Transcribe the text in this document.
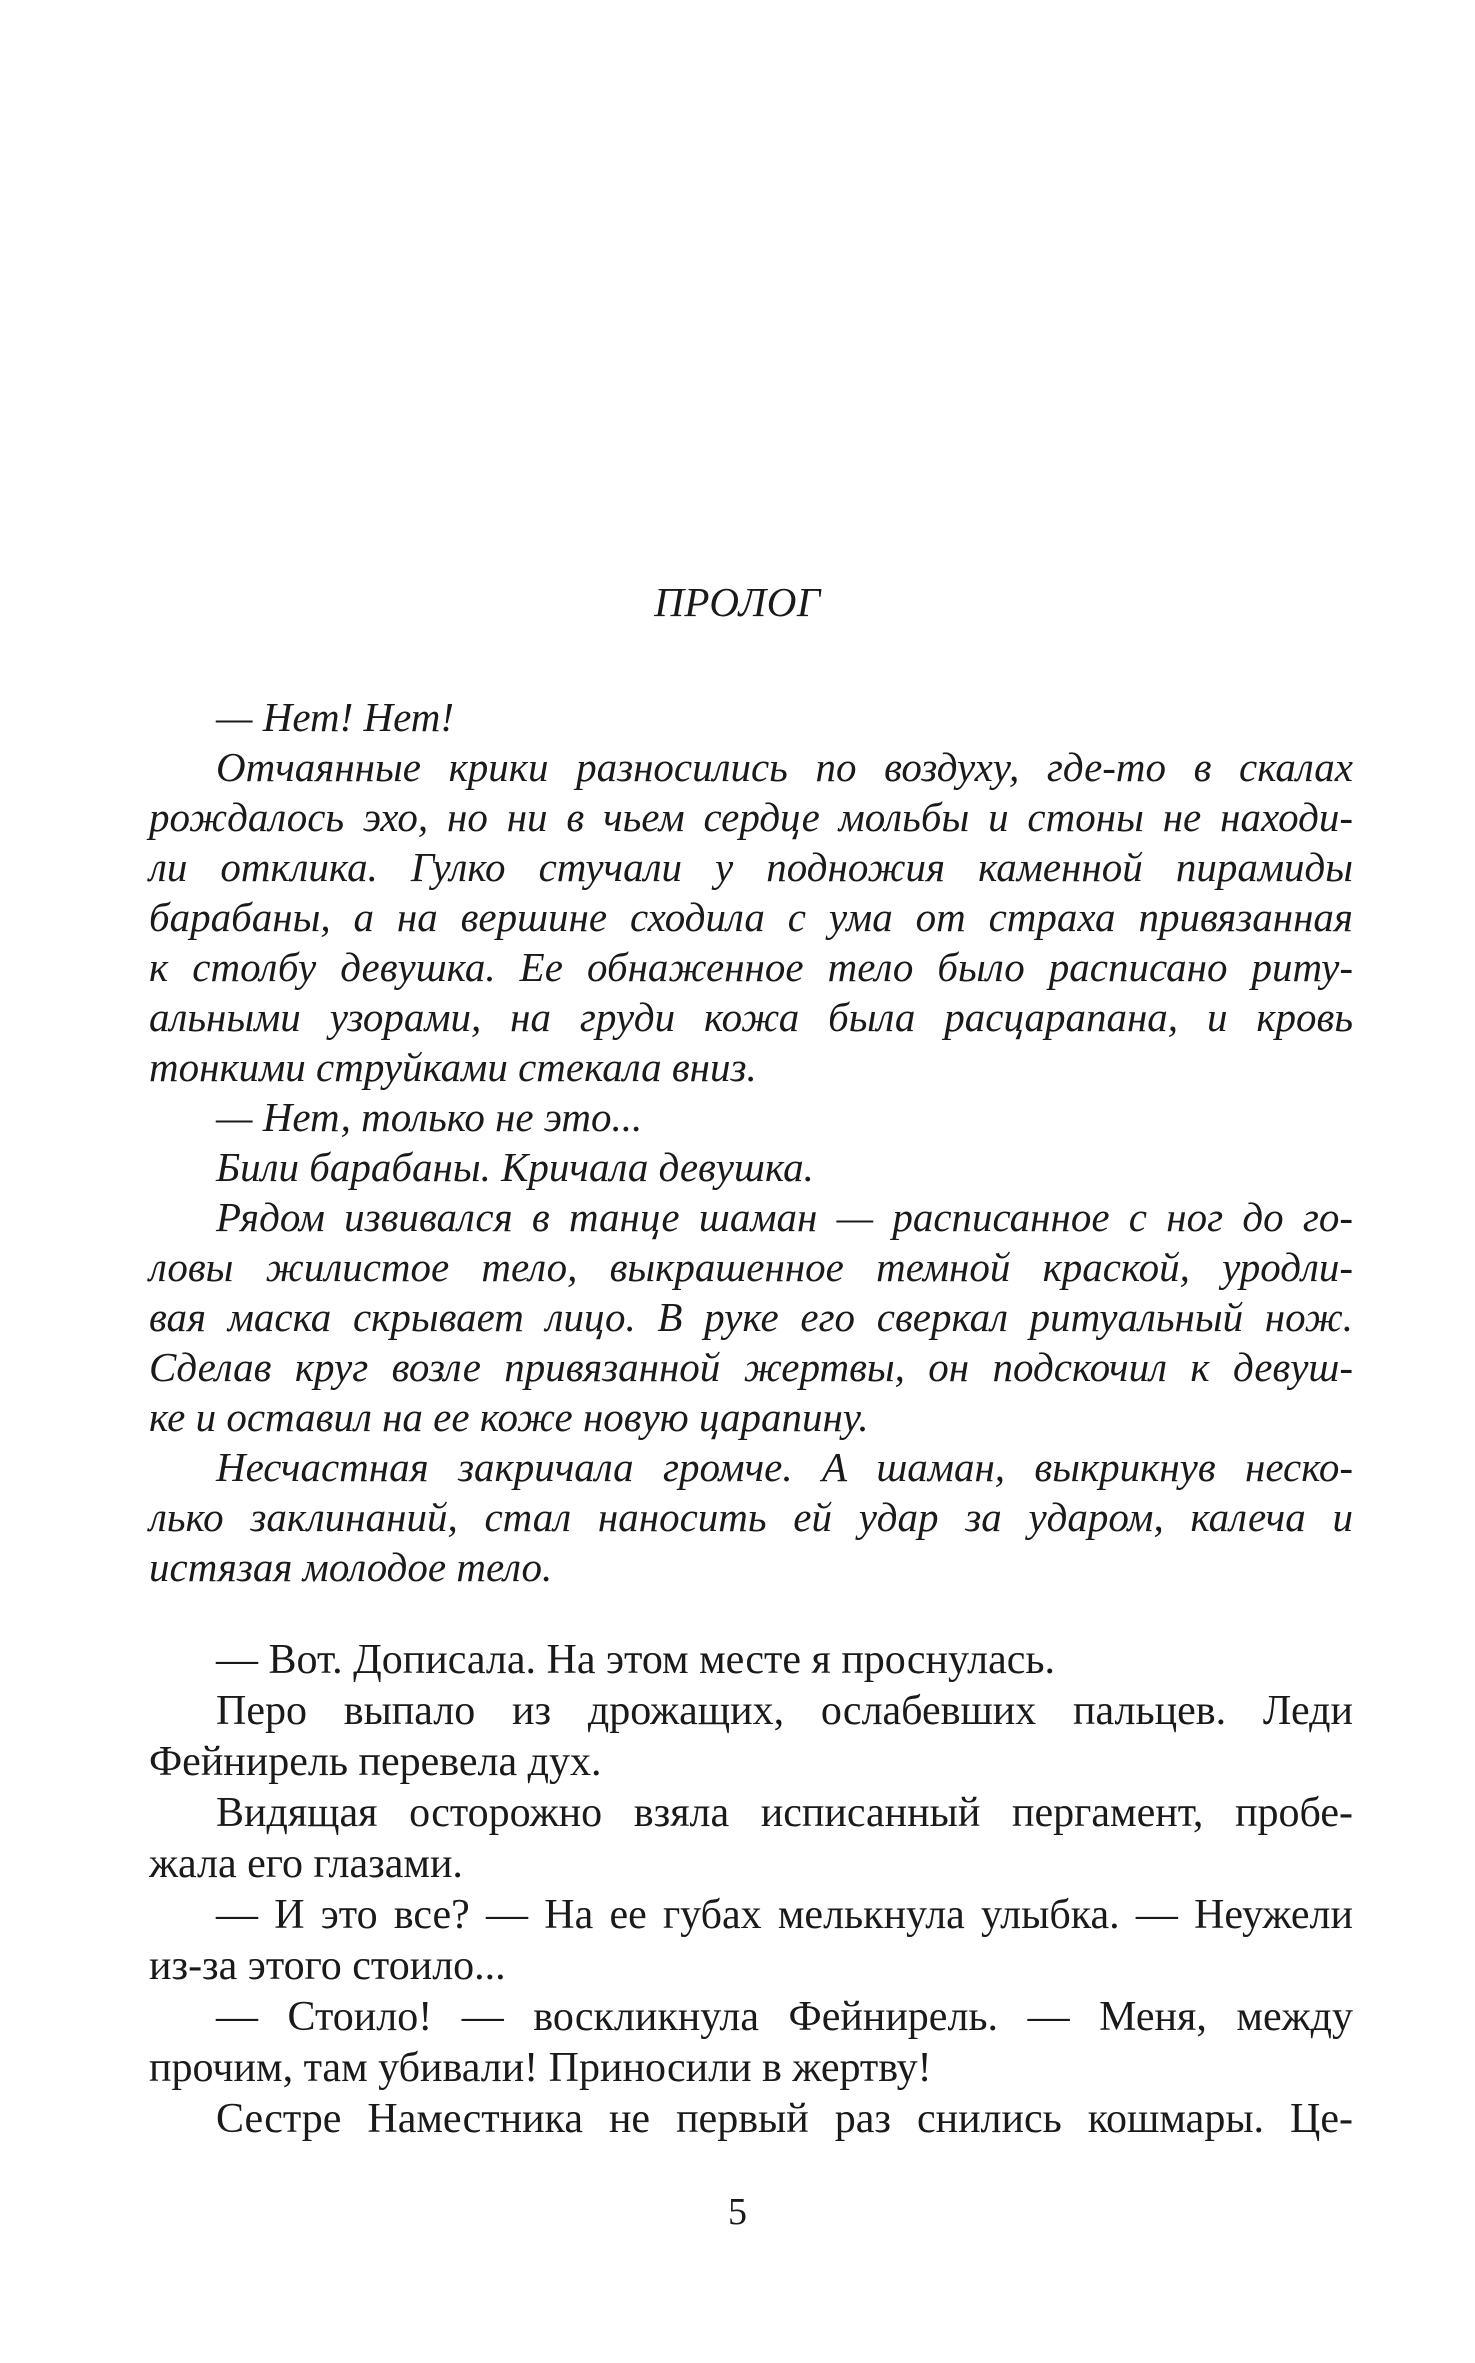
ПРОЛОГ
— Нет! Нет!
Отчаянные крики разносились по воздуху, где-то в скалах
рождалось эхо, но ни в чьем сердце мольбы и стоны не находи-
ли отклика. Гулко стучали у подножия каменной пирамиды
барабаны, а на вершине сходила с ума от страха привязанная
к столбу девушка. Ее обнаженное тело было расписано риту-
альными узорами, на груди кожа была расцарапана, и кровь
тонкими струйками стекала вниз.
— Нет, только не это...
Били барабаны. Кричала девушка.
Рядом извивался в танце шаман — расписанное с ног до го-
ловы жилистое тело, выкрашенное темной краской, уродли-
вая маска скрывает лицо. В руке его сверкал ритуальный нож.
Сделав круг возле привязанной жертвы, он подскочил к девуш-
ке и оставил на ее коже новую царапину.
Несчастная закричала громче. А шаман, выкрикнув неско-
лько заклинаний, стал наносить ей удар за ударом, калеча и
истязая молодое тело.
— Вот. Дописала. На этом месте я проснулась.
Перо выпало из дрожащих, ослабевших пальцев. Леди
Фейнирель перевела дух.
Видящая осторожно взяла исписанный пергамент, пробе-
жала его глазами.
— И это все? — На ее губах мелькнула улыбка. — Неужели
из-за этого стоило...
— Стоило! — воскликнула Фейнирель. — Меня, между
прочим, там убивали! Приносили в жертву!
Сестре Наместника не первый раз снились кошмары. Це-
5
